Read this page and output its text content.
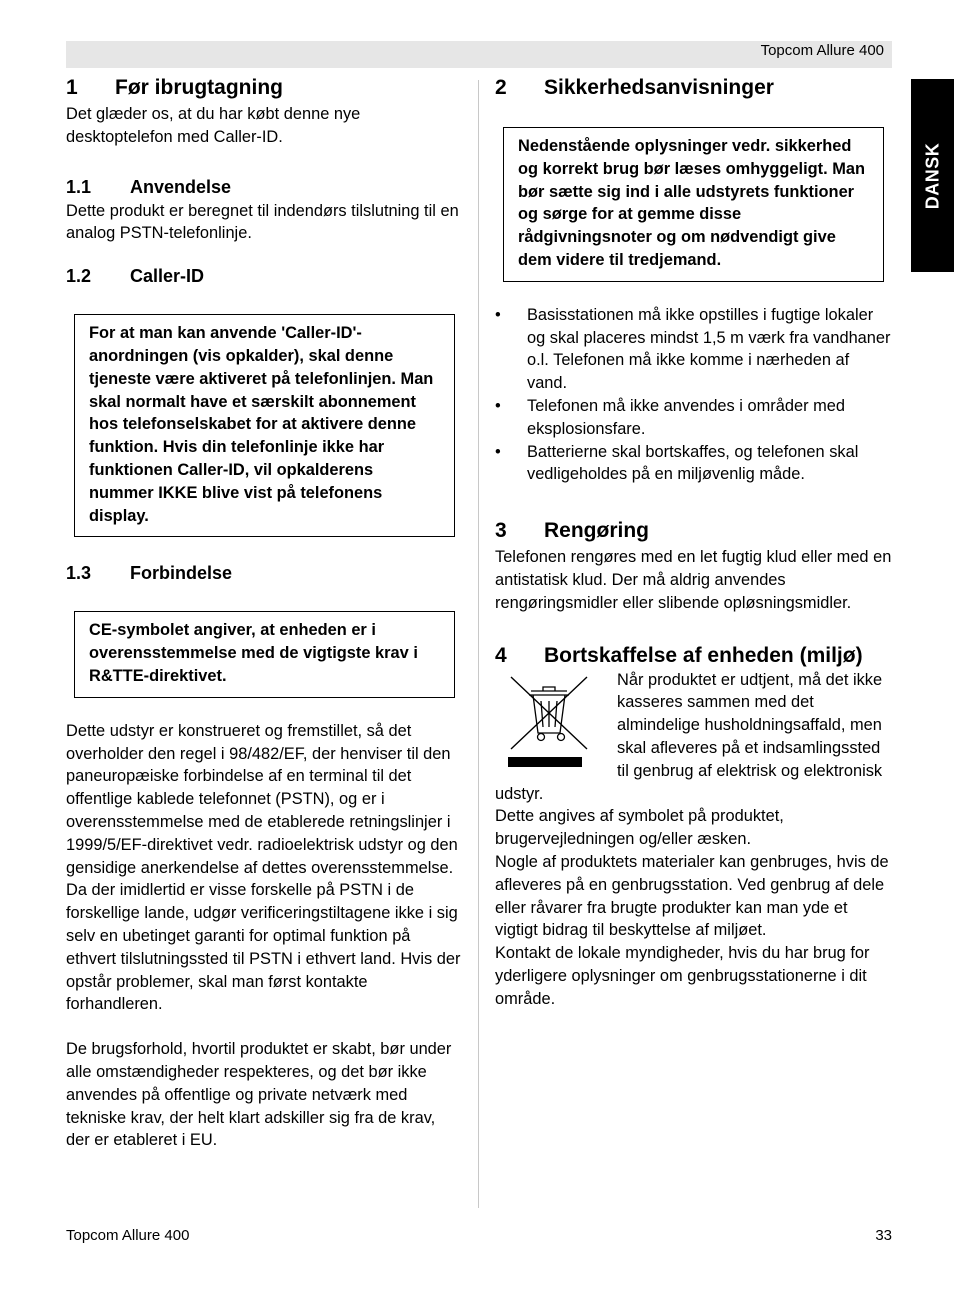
Topcom Allure 400
DANSK
1	Før ibrugtagning

Det glæder os, at du har købt denne nye desktoptelefon med Caller-ID.

1.1	Anvendelse

Dette produkt er beregnet til indendørs tilslutning til en analog PSTN-telefonlinje.

1.2	Caller-ID
For at man kan anvende 'Caller-ID'-anordningen (vis opkalder), skal denne tjeneste være aktiveret på telefonlinjen. Man skal normalt have et særskilt abonnement hos telefonselskabet for at aktivere denne funktion. Hvis din telefonlinje ikke har funktionen Caller-ID, vil opkalderens nummer IKKE blive vist på telefonens display.
1.3	Forbindelse
CE-symbolet angiver, at enheden er i overensstemmelse med de vigtigste krav i R&TTE-direktivet.

Dette udstyr er konstrueret og fremstillet, så det overholder den regel i 98/482/EF, der henviser til den paneuropæiske forbindelse af en terminal til det offentlige kablede telefonnet (PSTN), og er i overensstemmelse med de etablerede retningslinjer i 1999/5/EF-direktivet vedr. radioelektrisk udstyr og den gensidige anerkendelse af dettes overensstemmelse. Da der imidlertid er visse forskelle på PSTN i de forskellige lande, udgør verificeringstiltagene ikke i sig selv en ubetinget garanti for optimal funktion på ethvert tilslutningssted til PSTN i ethvert land. Hvis der opstår problemer, skal man først kontakte forhandleren.

De brugsforhold, hvortil produktet er skabt, bør under alle omstændigheder respekteres, og det bør ikke anvendes på offentlige og private netværk med tekniske krav, der helt klart adskiller sig fra de krav, der er etableret i EU.

2	Sikkerhedsanvisninger
Nedenstående oplysninger vedr. sikkerhed og korrekt brug bør læses omhyggeligt. Man bør sætte sig ind i alle udstyrets funktioner og sørge for at gemme disse rådgivningsnoter og om nødvendigt give dem videre til tredjemand.
• Basisstationen må ikke opstilles i fugtige lokaler og skal placeres mindst 1,5 m værk fra vandhaner o.l. Telefonen må ikke komme i nærheden af vand.
• Telefonen må ikke anvendes i områder med eksplosionsfare.
• Batterierne skal bortskaffes, og telefonen skal vedligeholdes på en miljøvenlig måde.
3	Rengøring

Telefonen rengøres med en let fugtig klud eller med en antistatisk klud. Der må aldrig anvendes rengøringsmidler eller slibende opløsningsmidler.

4	Bortskaffelse af enheden (miljø)

Når produktet er udtjent, må det ikke kasseres sammen med det almindelige husholdningsaffald, men skal afleveres på et indsamlingssted til genbrug af elektrisk og elektronisk udstyr.

Dette angives af symbolet på produktet, brugervejledningen og/eller æsken.

Nogle af produktets materialer kan genbruges, hvis de afleveres på en genbrugsstation. Ved genbrug af dele eller råvarer fra brugte produkter kan man yde et vigtigt bidrag til beskyttelse af miljøet.

Kontakt de lokale myndigheder, hvis du har brug for yderligere oplysninger om genbrugsstationerne i dit område.

Topcom Allure 400	33
